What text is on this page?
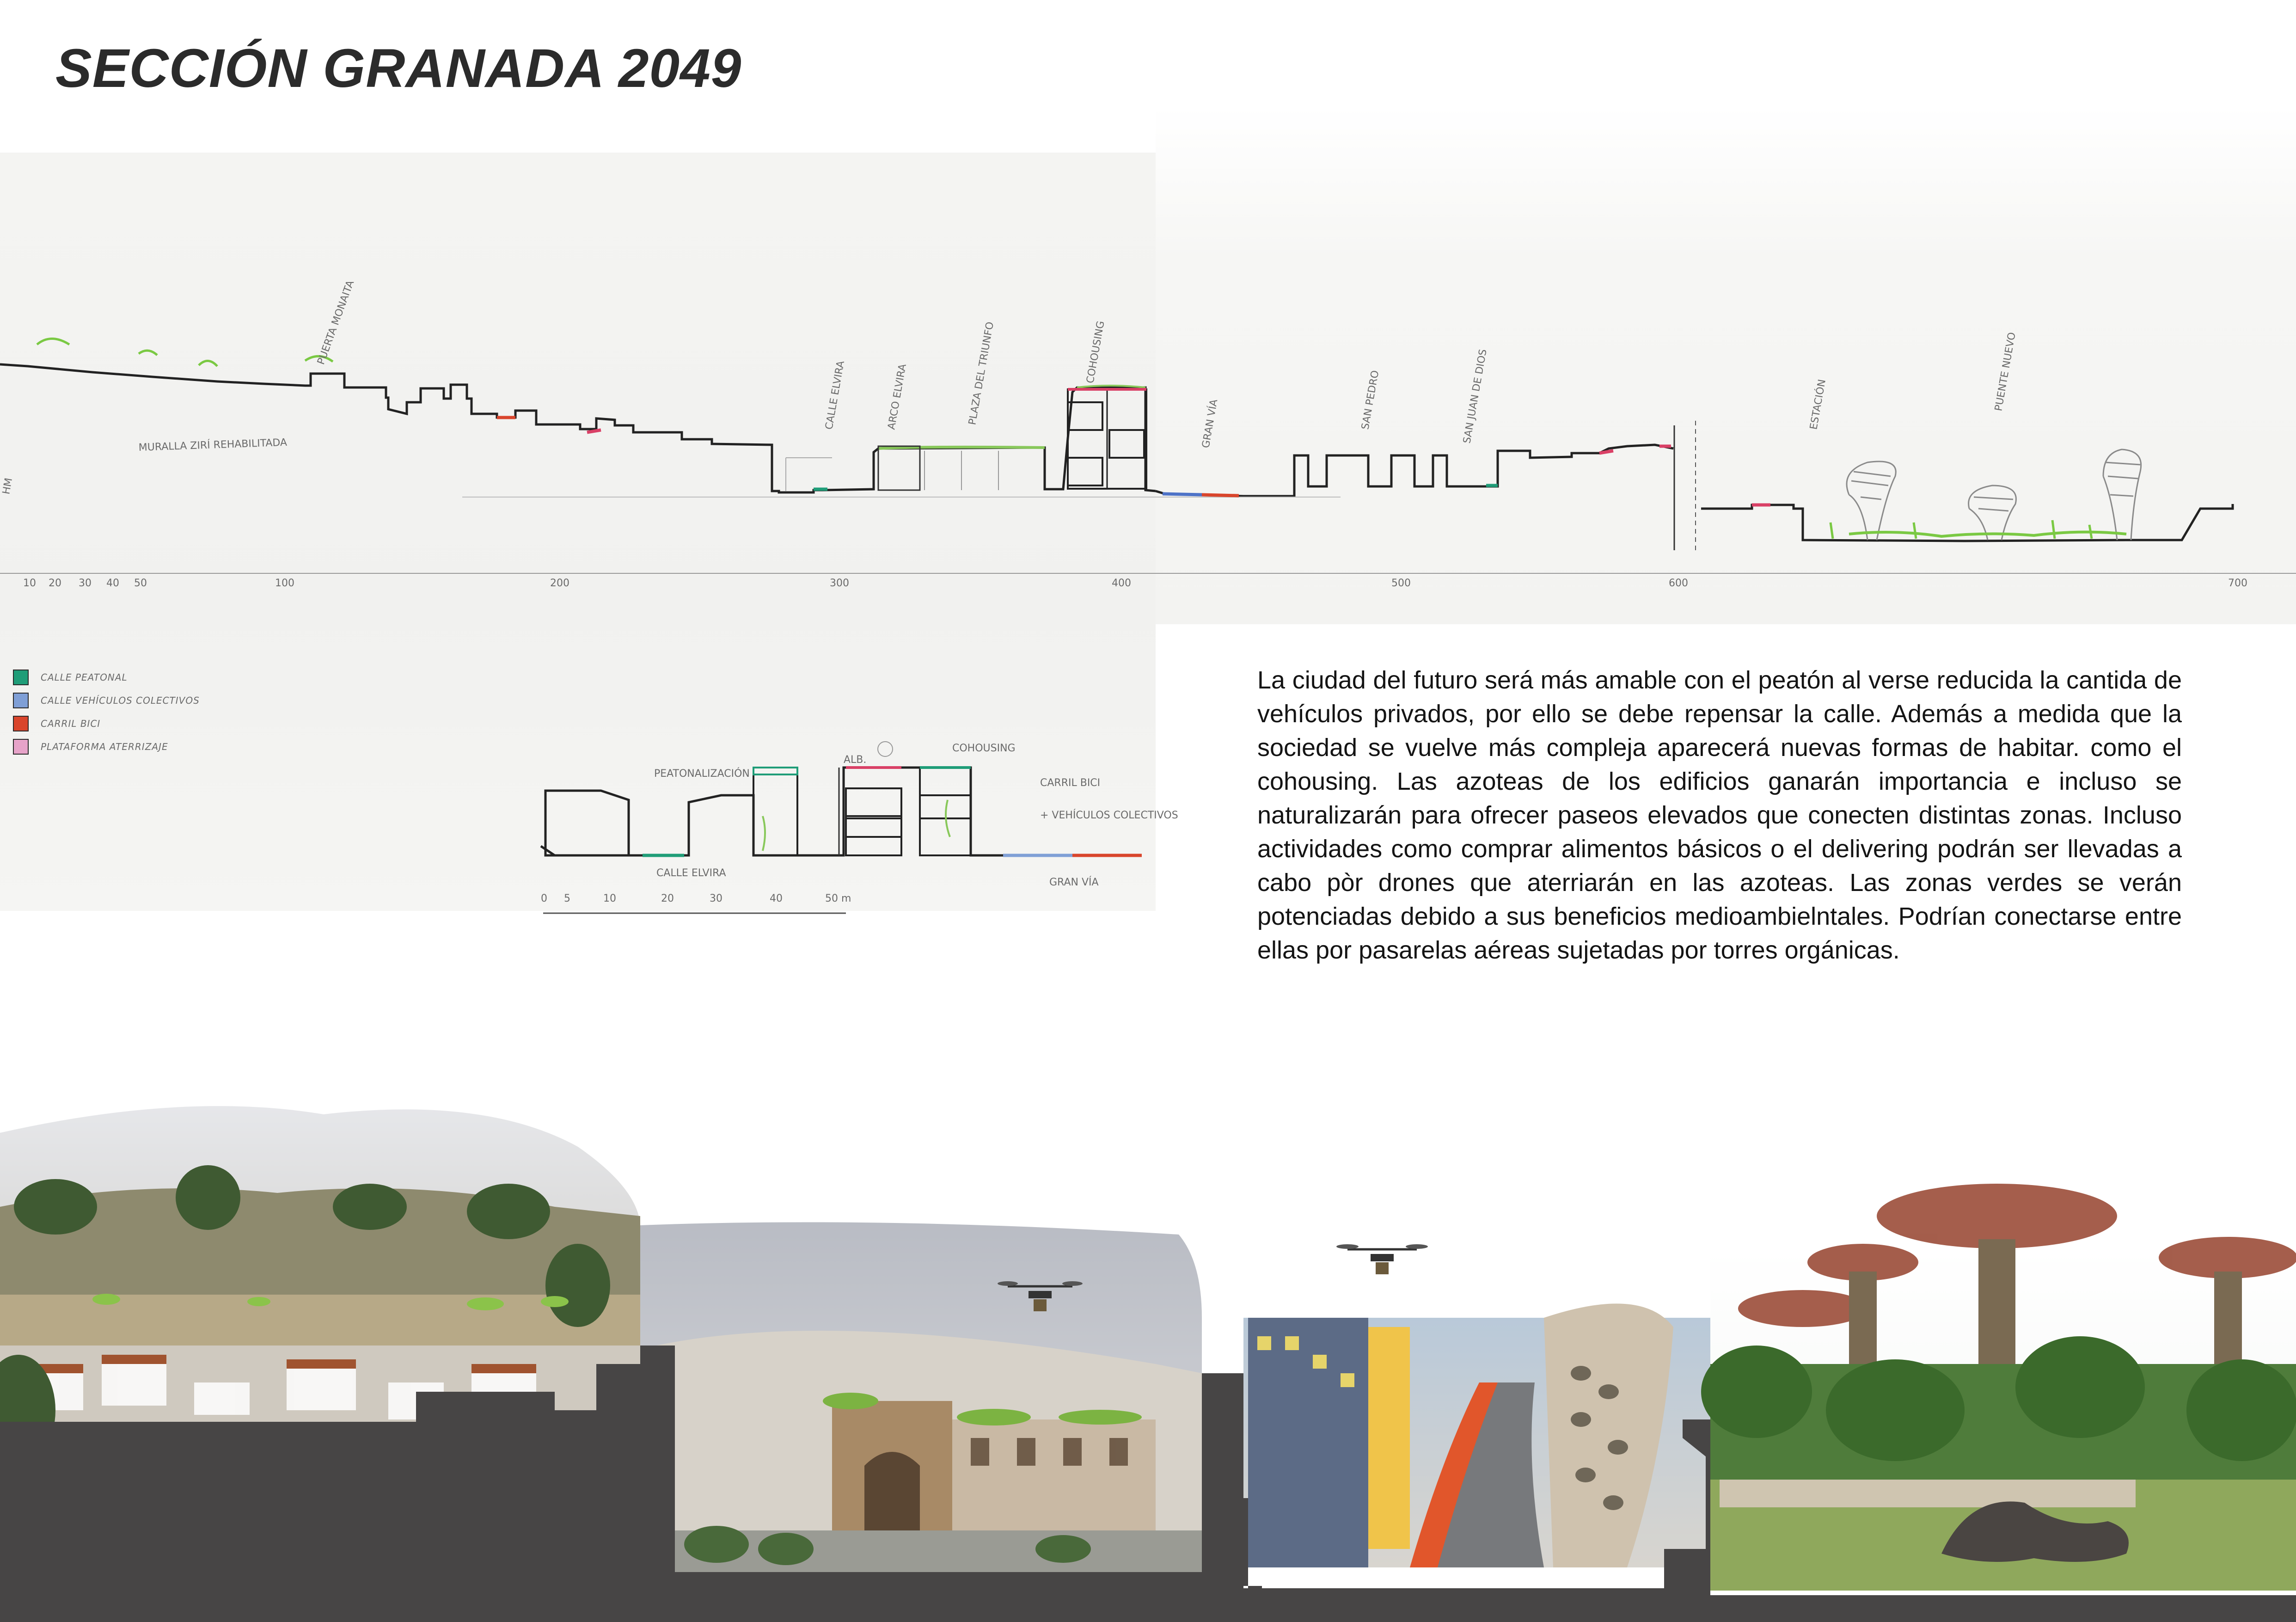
SECCIÓN GRANADA 2049
MURALLA ZIRÍ REHABILITADA
PUERTA MONAITA
CALLE ELVIRA	ARCO ELVIRA	PLAZA DEL TRIUNFO	COHOUSING
GRAN VÍA	SAN PEDRO	SAN JUAN DE DIOS	ESTACIÓN	PUENTE NUEVO
HM
10 20 30 40 50	100	200	300	400	500	600	700
PEATONALIZACIÓN
COHOUSING
CARRIL BICI
+ VEHÍCULOS COLECTIVOS
CALLE ELVIRA
GRAN VÍA
ALB.
0 5	10	20	30	40	50 m
CALLE PEATONAL
CALLE VEHÍCULOS COLECTIVOS
CARRIL BICI
PLATAFORMA ATERRIZAJE

La ciudad del futuro será más amable con el peatón al verse reducida la cantida de vehículos privados, por ello se debe repensar la calle. Además a medida que la sociedad se vuelve más compleja aparecerá nuevas formas de habitar. como el cohousing. Las azoteas de los edificios ganarán importancia e incluso se naturalizarán para ofrecer paseos elevados que conecten distintas zonas. Incluso actividades como comprar alimentos básicos o el delivering podrán ser llevadas a cabo pòr drones que aterriarán en las azoteas. Las zonas verdes se verán potenciadas debido a sus beneficios medioambielntales. Podrían conectarse entre ellas por pasarelas aéreas sujetadas por torres orgánicas.
